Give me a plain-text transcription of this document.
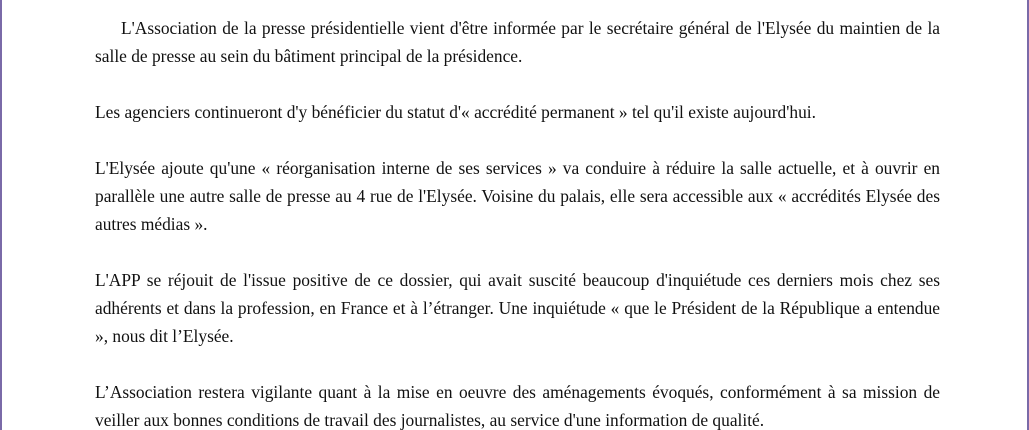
L'Association de la presse présidentielle vient d'être informée par le secrétaire général de l'Elysée du maintien de la salle de presse au sein du bâtiment principal de la présidence.

Les agenciers continueront d'y bénéficier du statut d'« accrédité permanent » tel qu'il existe aujourd'hui.

L'Elysée ajoute qu'une « réorganisation interne de ses services » va conduire à réduire la salle actuelle, et à ouvrir en parallèle une autre salle de presse au 4 rue de l'Elysée. Voisine du palais, elle sera accessible aux « accrédités Elysée des autres médias ».

L'APP se réjouit de l'issue positive de ce dossier, qui avait suscité beaucoup d'inquiétude ces derniers mois chez ses adhérents et dans la profession, en France et à l’étranger. Une inquiétude « que le Président de la République a entendue », nous dit l’Elysée.

L’Association restera vigilante quant à la mise en oeuvre des aménagements évoqués, conformément à sa mission de veiller aux bonnes conditions de travail des journalistes, au service d'une information de qualité.
